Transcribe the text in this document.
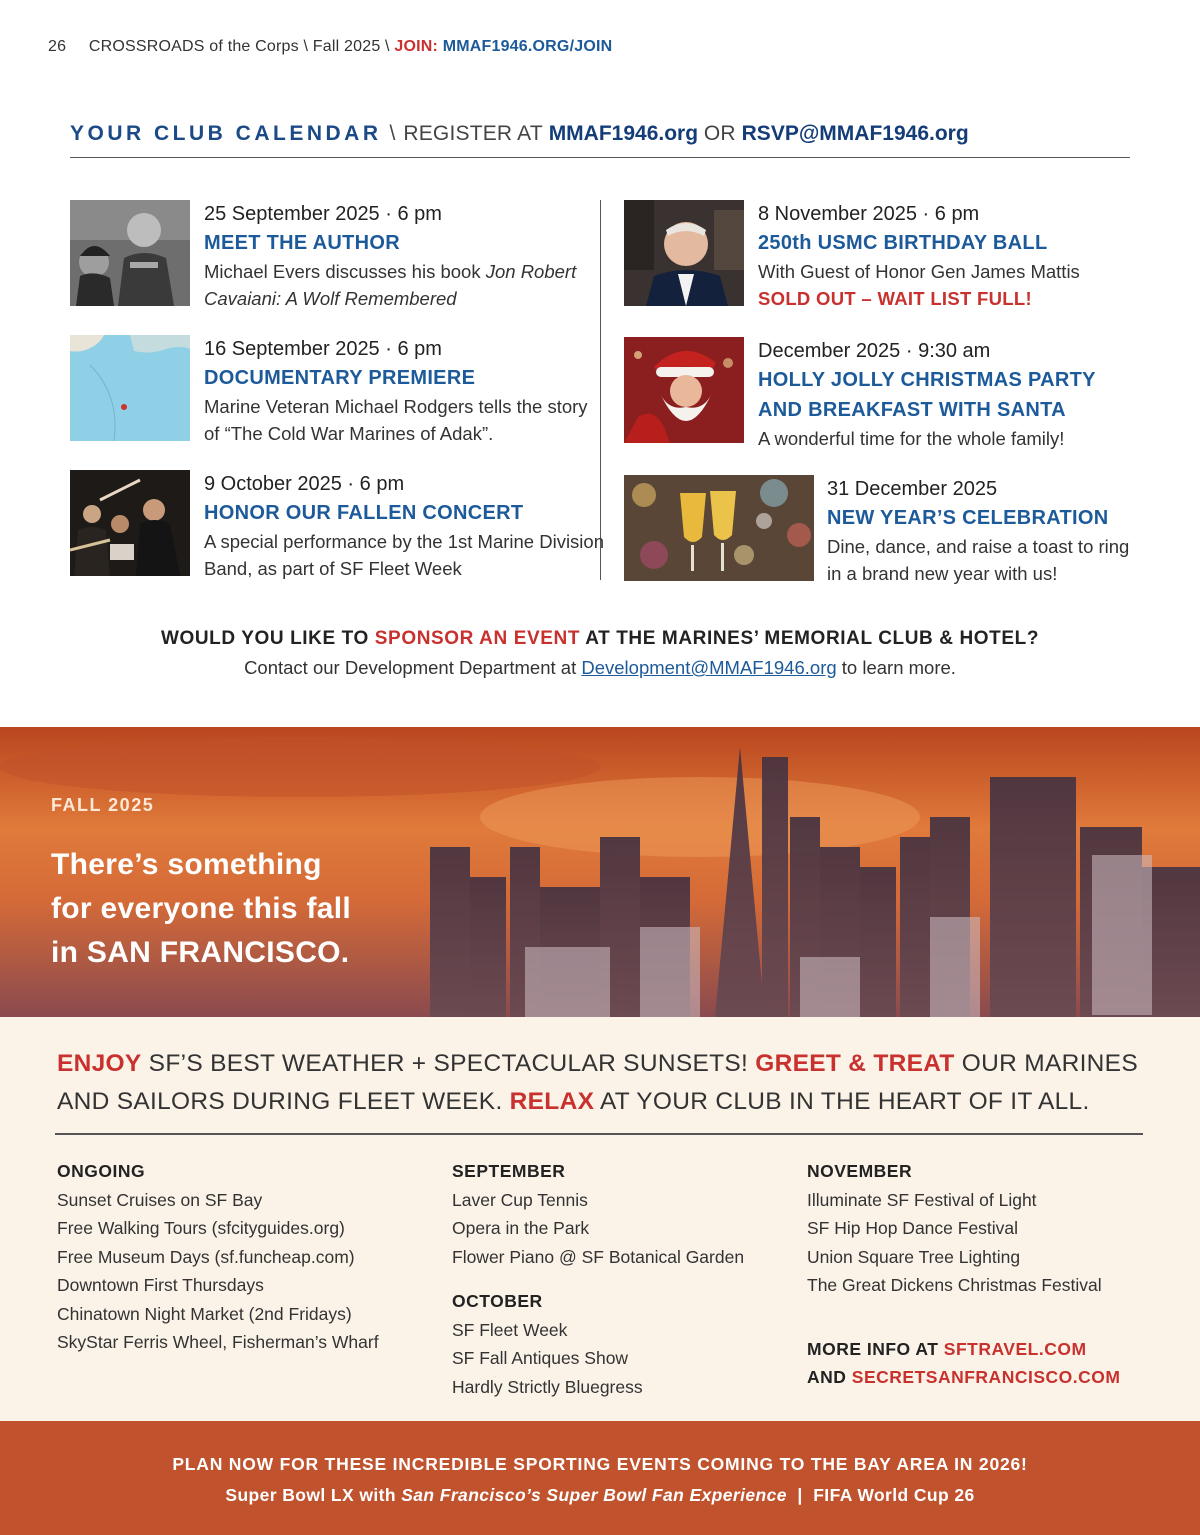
26 CROSSROADS of the Corps \ Fall 2025 \ JOIN: MMAF1946.ORG/JOIN
YOUR CLUB CALENDAR \ REGISTER AT MMAF1946.org OR RSVP@MMAF1946.org
25 September 2025 · 6 pm
MEET THE AUTHOR
Michael Evers discusses his book Jon Robert Cavaiani: A Wolf Remembered
16 September 2025 · 6 pm
DOCUMENTARY PREMIERE
Marine Veteran Michael Rodgers tells the story of “The Cold War Marines of Adak”.
9 October 2025 · 6 pm
HONOR OUR FALLEN CONCERT
A special performance by the 1st Marine Division Band, as part of SF Fleet Week
8 November 2025 · 6 pm
250th USMC BIRTHDAY BALL
With Guest of Honor Gen James Mattis
SOLD OUT – WAIT LIST FULL!
December 2025 · 9:30 am
HOLLY JOLLY CHRISTMAS PARTY
AND BREAKFAST WITH SANTA
A wonderful time for the whole family!
31 December 2025
NEW YEAR’S CELEBRATION
Dine, dance, and raise a toast to ring in a brand new year with us!
WOULD YOU LIKE TO SPONSOR AN EVENT AT THE MARINES’ MEMORIAL CLUB & HOTEL?
Contact our Development Department at Development@MMAF1946.org to learn more.
FALL 2025
There’s something
for everyone this fall
in SAN FRANCISCO.
ENJOY SF’S BEST WEATHER + SPECTACULAR SUNSETS! GREET & TREAT OUR MARINES AND SAILORS DURING FLEET WEEK. RELAX AT YOUR CLUB IN THE HEART OF IT ALL.
ONGOING
Sunset Cruises on SF Bay
Free Walking Tours (sfcityguides.org)
Free Museum Days (sf.funcheap.com)
Downtown First Thursdays
Chinatown Night Market (2nd Fridays)
SkyStar Ferris Wheel, Fisherman’s Wharf
SEPTEMBER
Laver Cup Tennis
Opera in the Park
Flower Piano @ SF Botanical Garden
OCTOBER
SF Fleet Week
SF Fall Antiques Show
Hardly Strictly Bluegress
NOVEMBER
Illuminate SF Festival of Light
SF Hip Hop Dance Festival
Union Square Tree Lighting
The Great Dickens Christmas Festival
MORE INFO AT SFTRAVEL.COM
AND SECRETSANFRANCISCO.COM
PLAN NOW FOR THESE INCREDIBLE SPORTING EVENTS COMING TO THE BAY AREA IN 2026!
Super Bowl LX with San Francisco’s Super Bowl Fan Experience | FIFA World Cup 26
